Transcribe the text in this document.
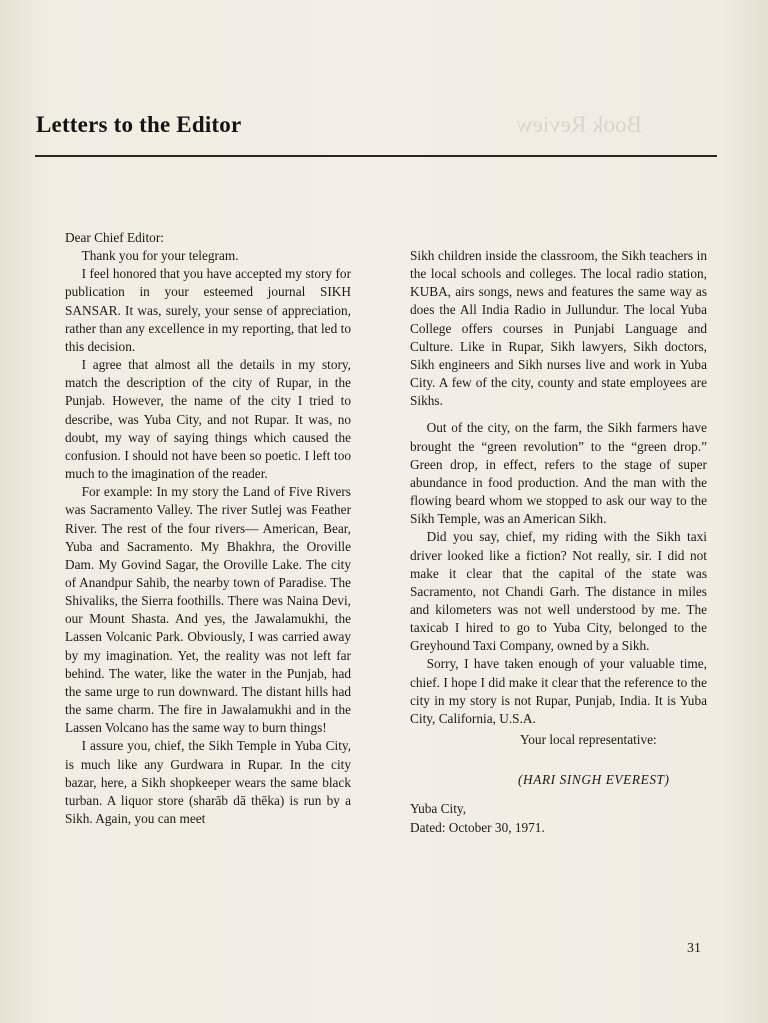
Letters to the Editor	Book Review

Dear Chief Editor:

Thank you for your telegram.

I feel honored that you have accepted my story for publication in your esteemed journal SIKH SANSAR. It was, surely, your sense of appreciation, rather than any excellence in my reporting, that led to this decision.

I agree that almost all the details in my story, match the description of the city of Rupar, in the Punjab. However, the name of the city I tried to describe, was Yuba City, and not Rupar. It was, no doubt, my way of saying things which caused the confusion. I should not have been so poetic. I left too much to the imagination of the reader.

For example: In my story the Land of Five Rivers was Sacramento Valley. The river Sutlej was Feather River. The rest of the four rivers— American, Bear, Yuba and Sacramento. My Bhakhra, the Oroville Dam. My Govind Sagar, the Oroville Lake. The city of Anandpur Sahib, the nearby town of Paradise. The Shivaliks, the Sierra foothills. There was Naina Devi, our Mount Shasta. And yes, the Jawalamukhi, the Lassen Volcanic Park. Obviously, I was carried away by my imagination. Yet, the reality was not left far behind. The water, like the water in the Punjab, had the same urge to run downward. The distant hills had the same charm. The fire in Jawalamukhi and in the Lassen Volcano has the same way to burn things!

I assure you, chief, the Sikh Temple in Yuba City, is much like any Gurdwara in Rupar. In the city bazar, here, a Sikh shopkeeper wears the same black turban. A liquor store (sharāb dā thēka) is run by a Sikh. Again, you can meet

Sikh children inside the classroom, the Sikh teachers in the local schools and colleges. The local radio station, KUBA, airs songs, news and features the same way as does the All India Radio in Jullundur. The local Yuba College offers courses in Punjabi Language and Culture. Like in Rupar, Sikh lawyers, Sikh doctors, Sikh engineers and Sikh nurses live and work in Yuba City. A few of the city, county and state employees are Sikhs.

Out of the city, on the farm, the Sikh farmers have brought the “green revolution” to the “green drop.” Green drop, in effect, refers to the stage of super abundance in food production. And the man with the flowing beard whom we stopped to ask our way to the Sikh Temple, was an American Sikh.

Did you say, chief, my riding with the Sikh taxi driver looked like a fiction? Not really, sir. I did not make it clear that the capital of the state was Sacramento, not Chandi Garh. The distance in miles and kilometers was not well understood by me. The taxicab I hired to go to Yuba City, belonged to the Greyhound Taxi Company, owned by a Sikh.

Sorry, I have taken enough of your valuable time, chief. I hope I did make it clear that the reference to the city in my story is not Rupar, Punjab, India. It is Yuba City, California, U.S.A.

Your local representative:

(HARI SINGH EVEREST)

Yuba City,

Dated: October 30, 1971.

31
